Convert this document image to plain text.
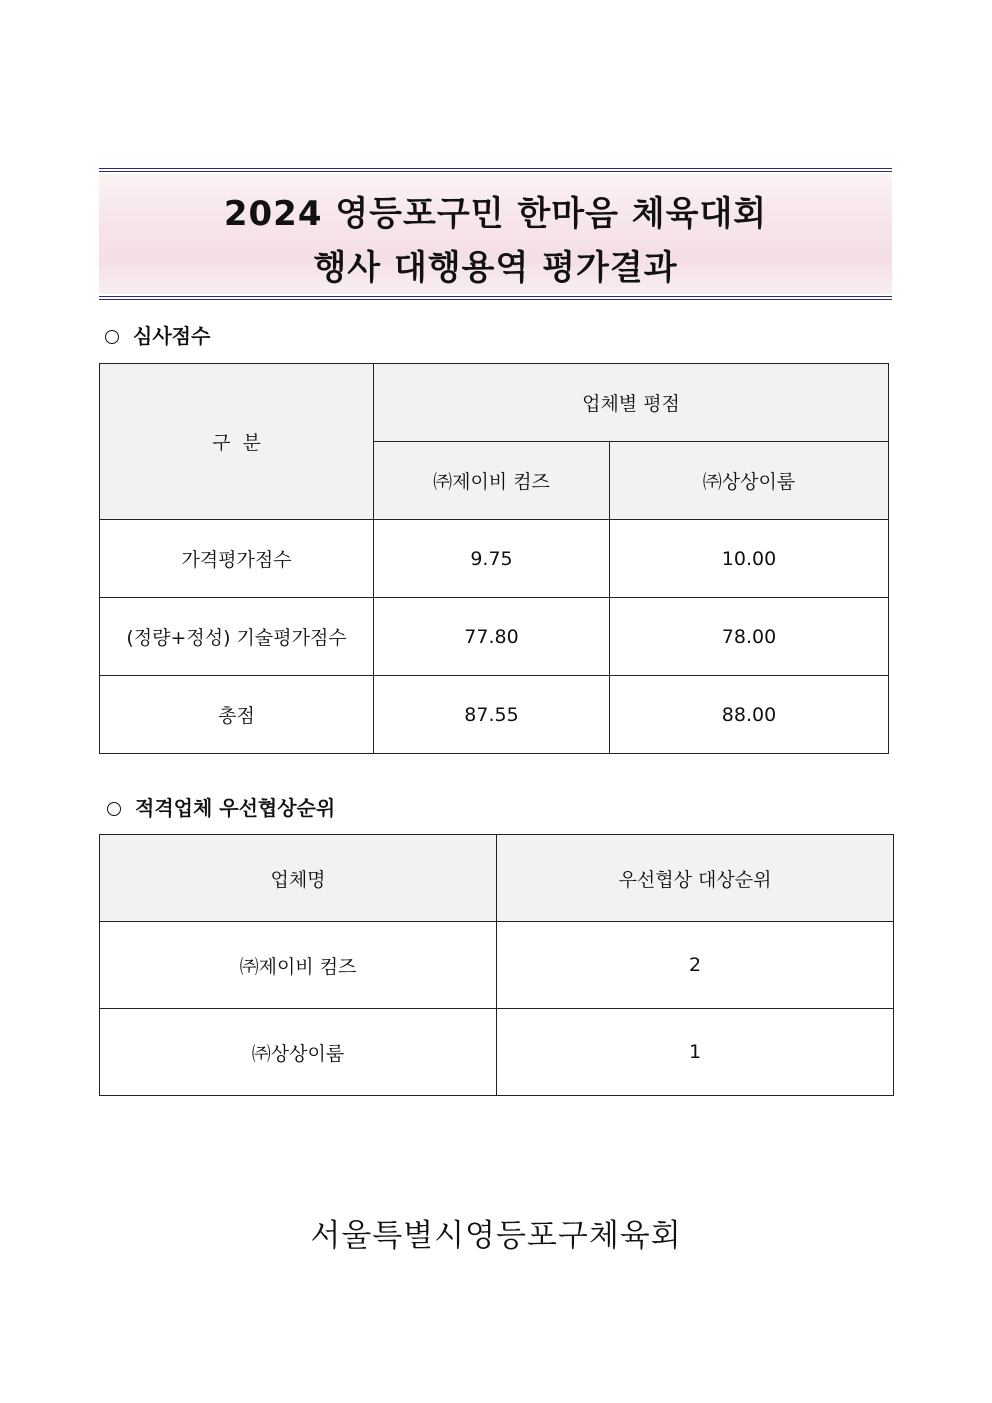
2024 영등포구민 한마음 체육대회
행사 대행용역 평가결과
심사점수
구  분	업체별 평점	
	㈜제이비 컴즈	㈜상상이룸
가격평가점수	9.75	10.00
(정량+정성) 기술평가점수	77.80	78.00
총점	87.55	88.00
적격업체 우선협상순위
업체명	우선협상 대상순위
㈜제이비 컴즈	2
㈜상상이룸	1
서울특별시영등포구체육회
